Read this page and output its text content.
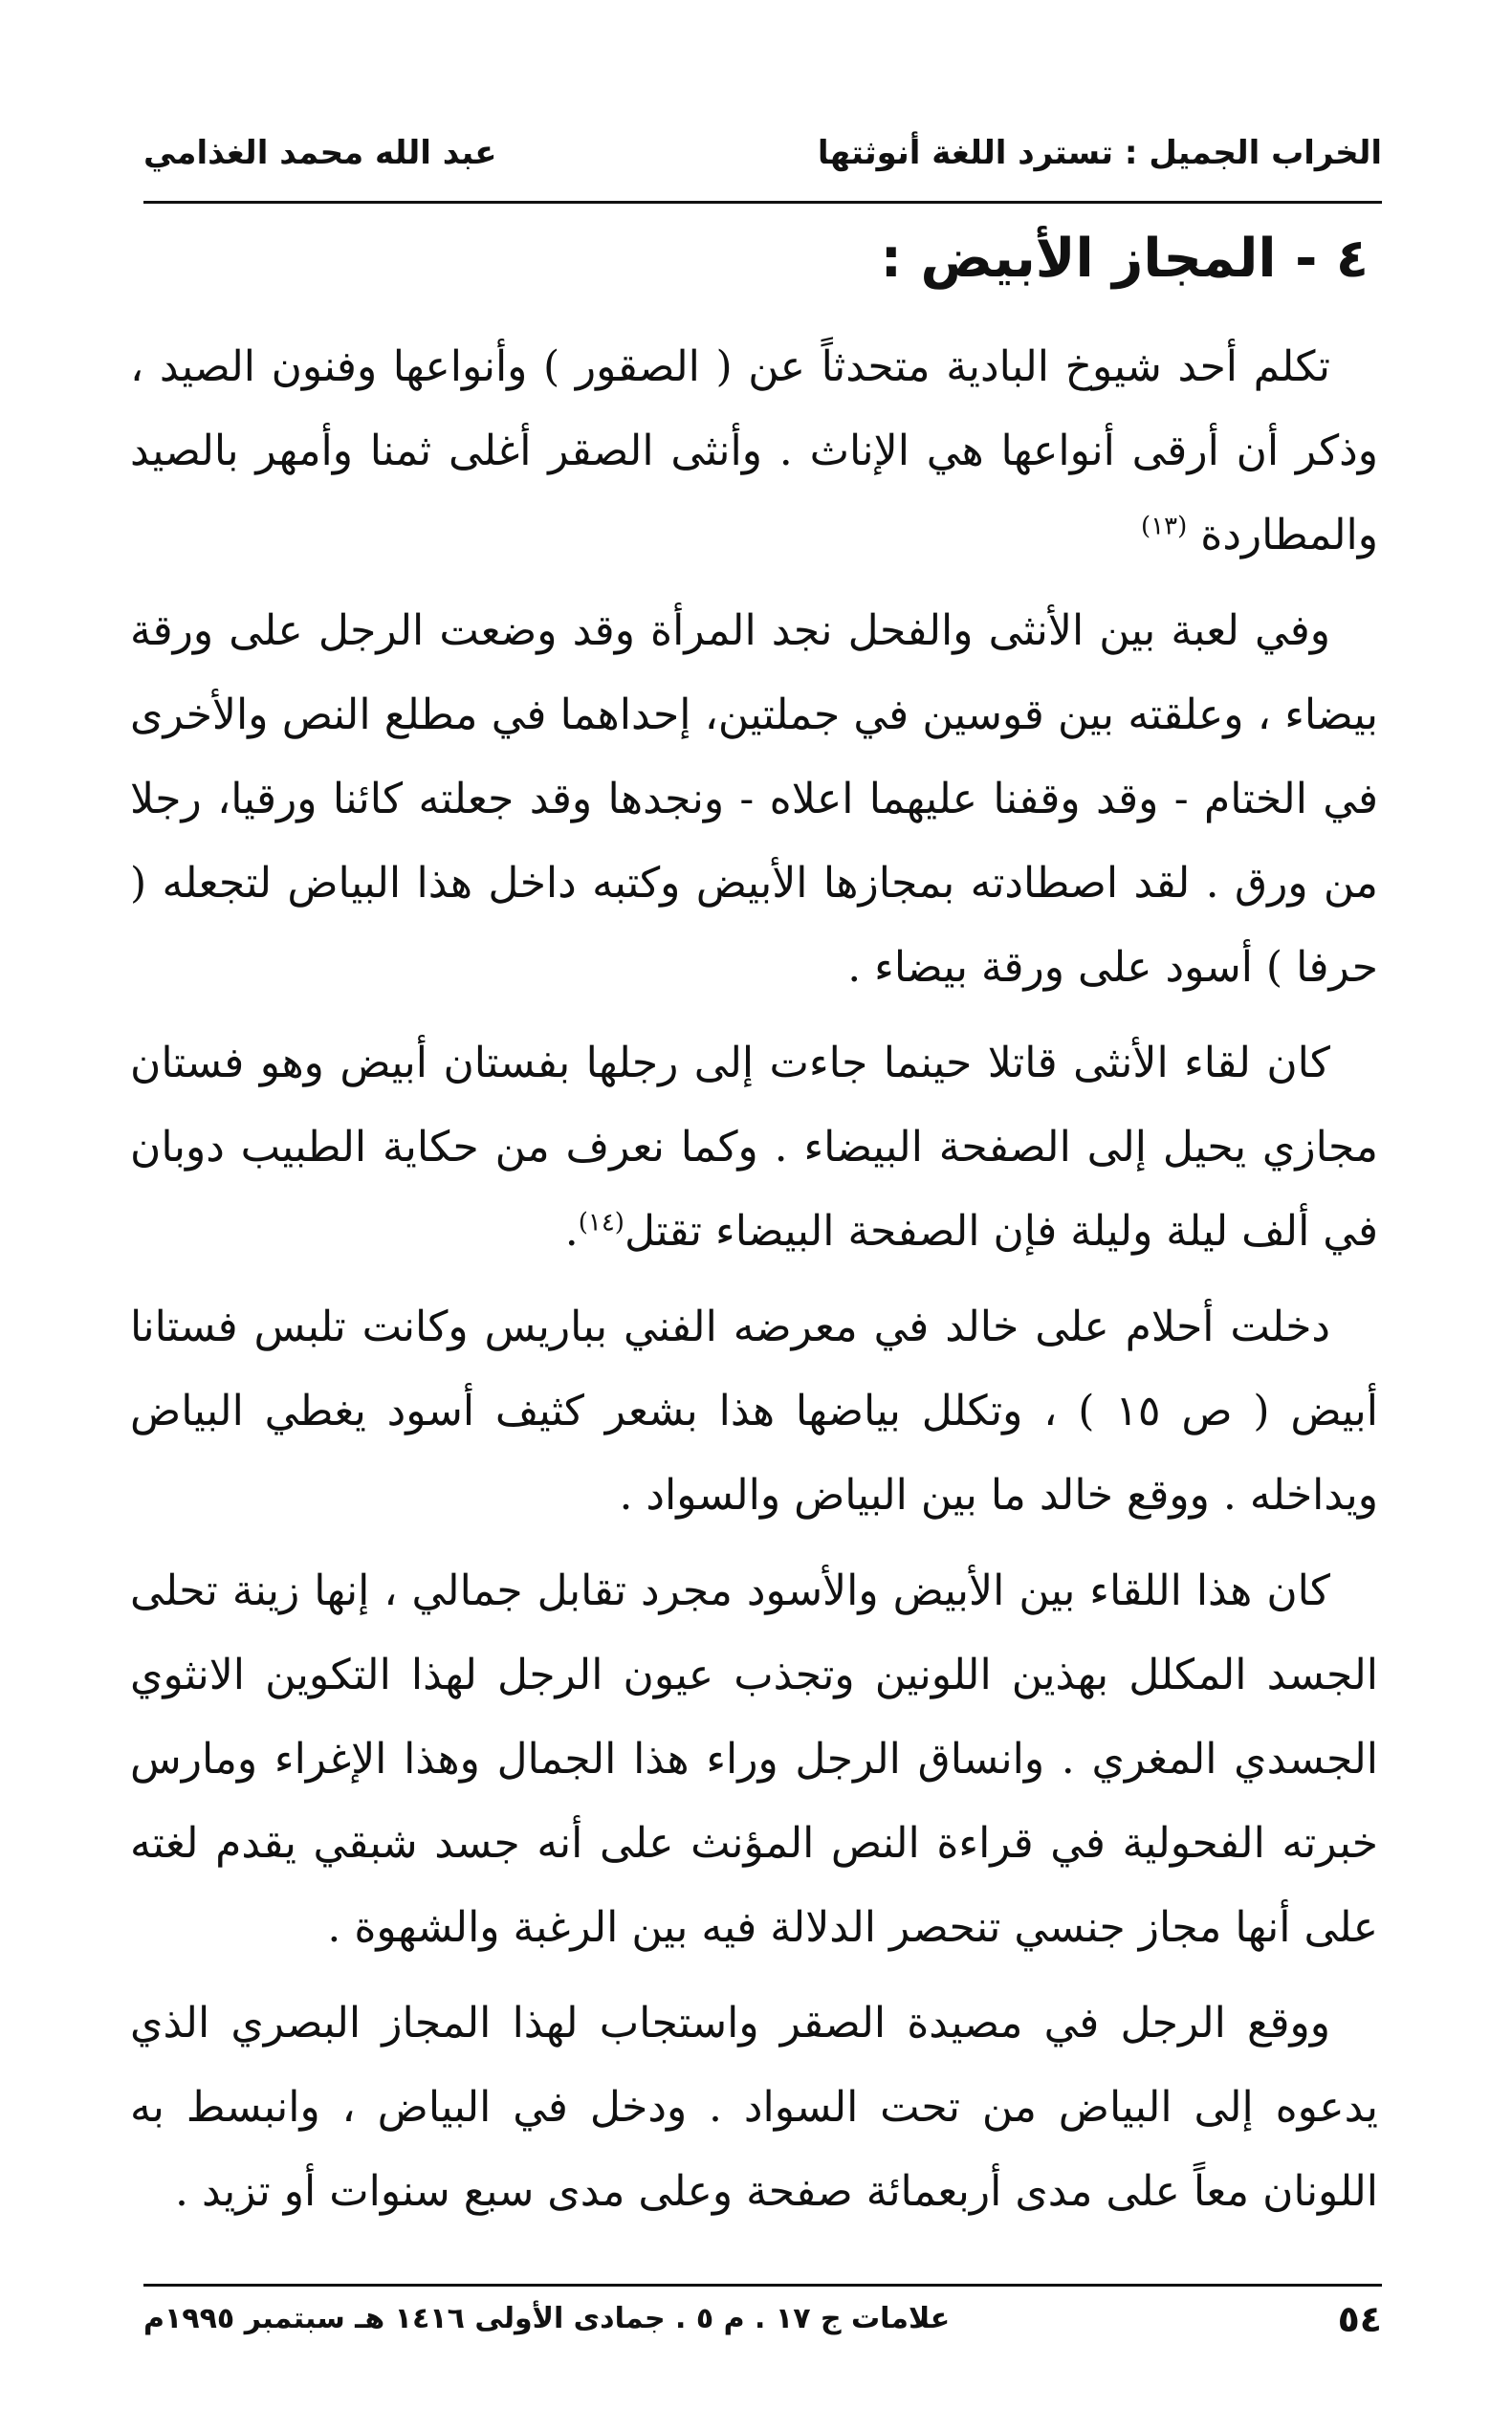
الخراب الجميل : تسترد اللغة أنوثتها
عبد الله محمد الغذامي
٤ - المجاز الأبيض :

تكلم أحد شيوخ البادية متحدثاً عن ( الصقور ) وأنواعها وفنون الصيد ، وذكر أن أرقى أنواعها هي الإناث . وأنثى الصقر أغلى ثمنا وأمهر بالصيد والمطاردة $^{(١٣)}$

وفي لعبة بين الأنثى والفحل نجد المرأة وقد وضعت الرجل على ورقة بيضاء ، وعلقته بين قوسين في جملتين، إحداهما في مطلع النص والأخرى في الختام - وقد وقفنا عليهما اعلاه - ونجدها وقد جعلته كائنا ورقيا، رجلا من ورق . لقد اصطادته بمجازها الأبيض وكتبه داخل هذا البياض لتجعله ( حرفا ) أسود على ورقة بيضاء .

كان لقاء الأنثى قاتلا حينما جاءت إلى رجلها بفستان أبيض وهو فستان مجازي يحيل إلى الصفحة البيضاء . وكما نعرف من حكاية الطبيب دوبان في ألف ليلة وليلة فإن الصفحة البيضاء تقتل$^{(١٤)}$.

دخلت أحلام على خالد في معرضه الفني بباريس وكانت تلبس فستانا أبيض ( ص ١٥ ) ، وتكلل بياضها هذا بشعر كثيف أسود يغطي البياض ويداخله . ووقع خالد ما بين البياض والسواد .

كان هذا اللقاء بين الأبيض والأسود مجرد تقابل جمالي ، إنها زينة تحلى الجسد المكلل بهذين اللونين وتجذب عيون الرجل لهذا التكوين الانثوي الجسدي المغري . وانساق الرجل وراء هذا الجمال وهذا الإغراء ومارس خبرته الفحولية في قراءة النص المؤنث على أنه جسد شبقي يقدم لغته على أنها مجاز جنسي تنحصر الدلالة فيه بين الرغبة والشهوة .

ووقع الرجل في مصيدة الصقر واستجاب لهذا المجاز البصري الذي يدعوه إلى البياض من تحت السواد . ودخل في البياض ، وانبسط به اللونان معاً على مدى أربعمائة صفحة وعلى مدى سبع سنوات أو تزيد .

٥٤
علامات ج ١٧ . م ٥ . جمادى الأولى ١٤١٦ هـ سبتمبر ١٩٩٥م
